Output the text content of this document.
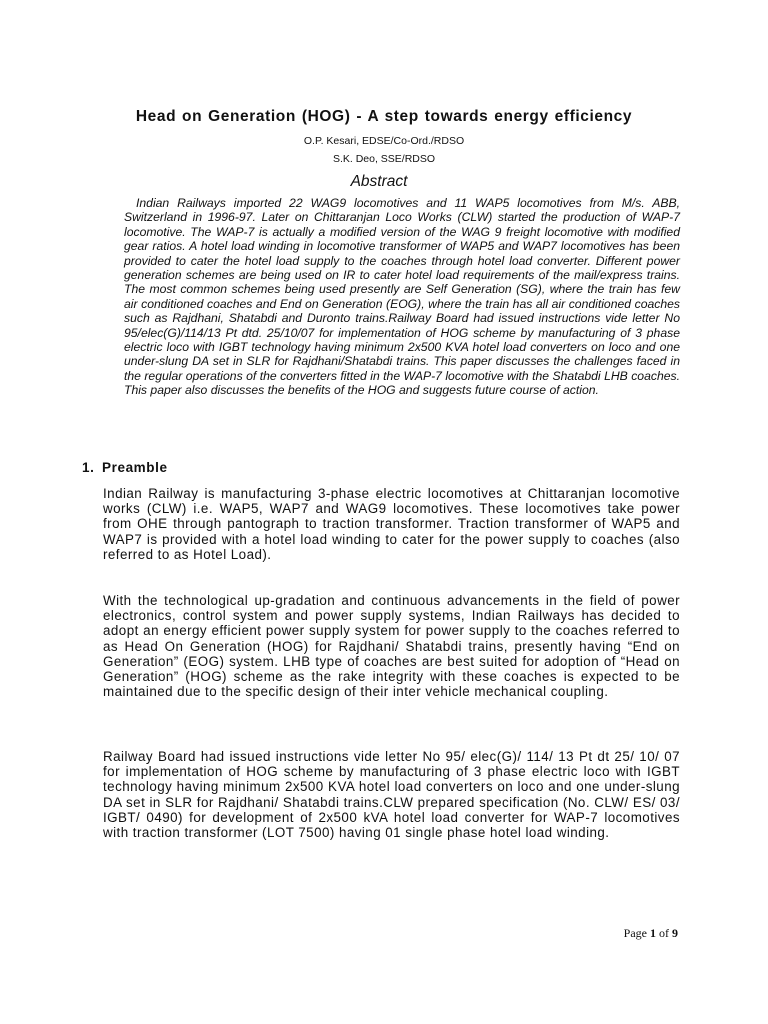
Head on Generation (HOG) - A step towards energy efficiency
O.P. Kesari, EDSE/Co-Ord./RDSO
S.K. Deo, SSE/RDSO
Abstract

Indian Railways imported 22 WAG9 locomotives and 11 WAP5 locomotives from M/s. ABB, Switzerland in 1996-97. Later on Chittaranjan Loco Works (CLW) started the production of WAP-7 locomotive. The WAP-7 is actually a modified version of the WAG 9 freight locomotive with modified gear ratios. A hotel load winding in locomotive transformer of WAP5 and WAP7 locomotives has been provided to cater the hotel load supply to the coaches through hotel load converter. Different power generation schemes are being used on IR to cater hotel load requirements of the mail/express trains. The most common schemes being used presently are Self Generation (SG), where the train has few air conditioned coaches and End on Generation (EOG), where the train has all air conditioned coaches such as Rajdhani, Shatabdi and Duronto trains.Railway Board had issued instructions vide letter No 95/elec(G)/114/13 Pt dtd. 25/10/07 for implementation of HOG scheme by manufacturing of 3 phase electric loco with IGBT technology having minimum 2x500 KVA hotel load converters on loco and one under-slung DA set in SLR for Rajdhani/Shatabdi trains. This paper discusses the challenges faced in the regular operations of the converters fitted in the WAP-7 locomotive with the Shatabdi LHB coaches. This paper also discusses the benefits of the HOG and suggests future course of action.

1. Preamble

Indian Railway is manufacturing 3-phase electric locomotives at Chittaranjan locomotive works (CLW) i.e. WAP5, WAP7 and WAG9 locomotives. These locomotives take power from OHE through pantograph to traction transformer. Traction transformer of WAP5 and WAP7 is provided with a hotel load winding to cater for the power supply to coaches (also referred to as Hotel Load).

With the technological up-gradation and continuous advancements in the field of power electronics, control system and power supply systems, Indian Railways has decided to adopt an energy efficient power supply system for power supply to the coaches referred to as Head On Generation (HOG) for Rajdhani/ Shatabdi trains, presently having “End on Generation” (EOG) system. LHB type of coaches are best suited for adoption of “Head on Generation” (HOG) scheme as the rake integrity with these coaches is expected to be maintained due to the specific design of their inter vehicle mechanical coupling.

Railway Board had issued instructions vide letter No 95/ elec(G)/ 114/ 13 Pt dt 25/ 10/ 07 for implementation of HOG scheme by manufacturing of 3 phase electric loco with IGBT technology having minimum 2x500 KVA hotel load converters on loco and one under-slung DA set in SLR for Rajdhani/ Shatabdi trains.CLW prepared specification (No. CLW/ ES/ 03/ IGBT/ 0490) for development of 2x500 kVA hotel load converter for WAP-7 locomotives with traction transformer (LOT 7500) having 01 single phase hotel load winding.

Page 1 of 9
